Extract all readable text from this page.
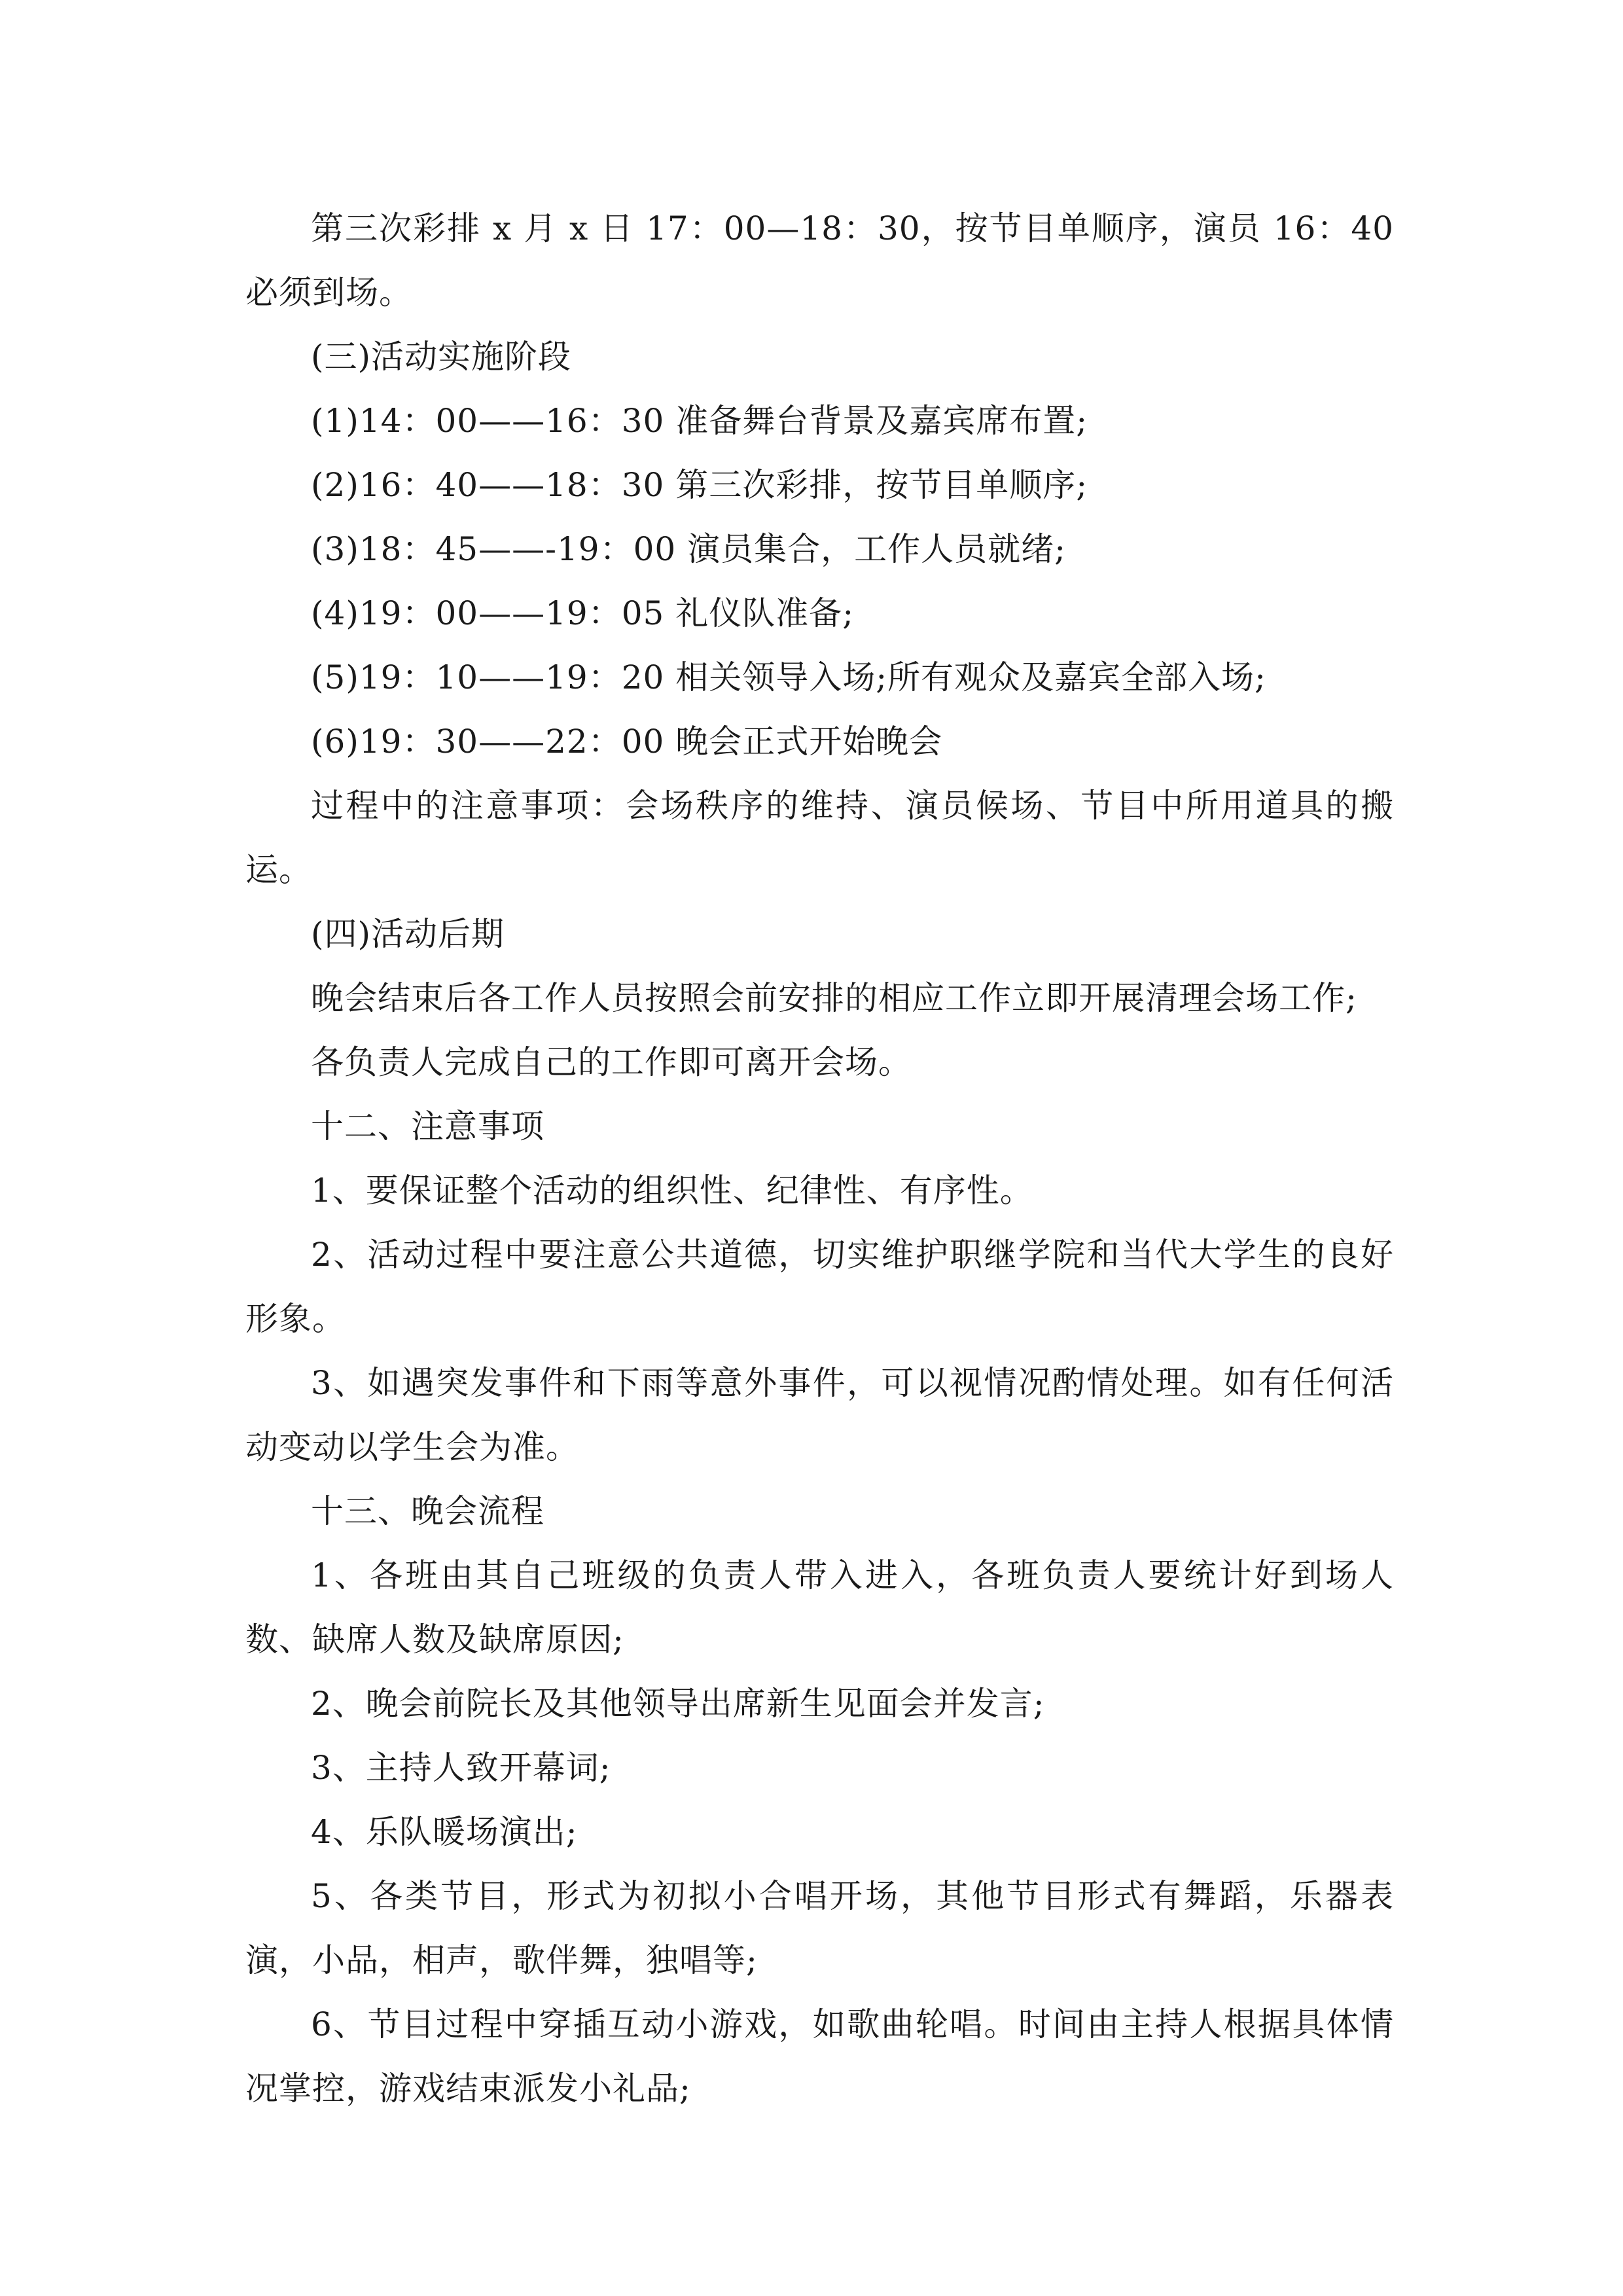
第三次彩排 x 月 x 日 17：00—18：30，按节目单顺序，演员 16：40 必须到场。

(三)活动实施阶段

(1)14：00——16：30 准备舞台背景及嘉宾席布置;

(2)16：40——18：30 第三次彩排，按节目单顺序;

(3)18：45——-19：00 演员集合，工作人员就绪;

(4)19：00——19：05 礼仪队准备;

(5)19：10——19：20 相关领导入场;所有观众及嘉宾全部入场;

(6)19：30——22：00 晚会正式开始晚会

过程中的注意事项：会场秩序的维持、演员候场、节目中所用道具的搬运。

(四)活动后期

晚会结束后各工作人员按照会前安排的相应工作立即开展清理会场工作;

各负责人完成自己的工作即可离开会场。

十二、注意事项

1、要保证整个活动的组织性、纪律性、有序性。

2、活动过程中要注意公共道德，切实维护职继学院和当代大学生的良好形象。

3、如遇突发事件和下雨等意外事件，可以视情况酌情处理。如有任何活动变动以学生会为准。

十三、晚会流程

1、各班由其自己班级的负责人带入进入，各班负责人要统计好到场人数、缺席人数及缺席原因;

2、晚会前院长及其他领导出席新生见面会并发言;

3、主持人致开幕词;

4、乐队暖场演出;

5、各类节目，形式为初拟小合唱开场，其他节目形式有舞蹈，乐器表演，小品，相声，歌伴舞，独唱等;

6、节目过程中穿插互动小游戏，如歌曲轮唱。时间由主持人根据具体情况掌控，游戏结束派发小礼品;
